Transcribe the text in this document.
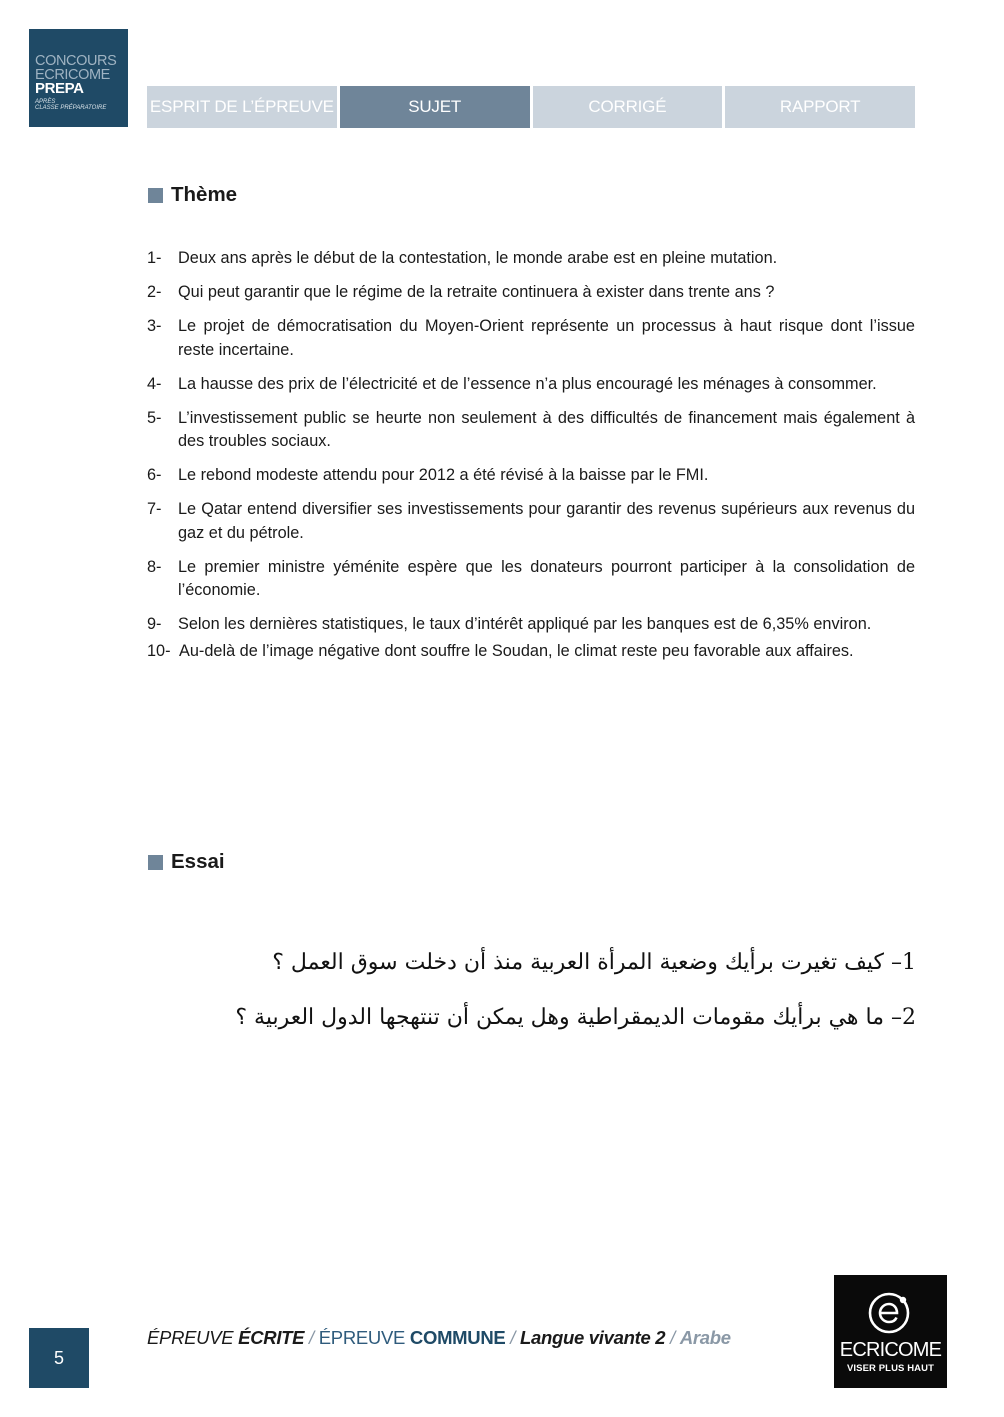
CONCOURS
ECRICOME
PREPA
APRÈS
CLASSE PRÉPARATOIRE	ESPRIT DE L’ÉPREUVE	SUJET	CORRIGÉ	RAPPORT
Thème
1-	Deux ans après le début de la contestation, le monde arabe est en pleine mutation.
2-	Qui peut garantir que le régime de la retraite continuera à exister dans trente ans ?
3-	Le projet de démocratisation du Moyen-Orient représente un processus à haut risque dont l’issue reste incertaine.
4-	La hausse des prix de l’électricité et de l’essence n’a plus encouragé les ménages à consommer.
5-	L’investissement public se heurte non seulement à des difficultés de financement mais également à des troubles sociaux.
6-	Le rebond modeste attendu pour 2012 a été révisé à la baisse par le FMI.
7-	Le Qatar entend diversifier ses investissements pour garantir des revenus supérieurs aux revenus du gaz et du pétrole.
8-	Le premier ministre yéménite espère que les donateurs pourront participer à la consolidation de l’économie.
9-	Selon les dernières statistiques, le taux d’intérêt appliqué par les banques est de 6,35% environ.
10- Au-delà de l’image négative dont souffre le Soudan, le climat reste peu favorable aux affaires.
Essai
1– كيف تغيرت برأيك وضعية المرأة العربية منذ أن دخلت سوق العمل ؟
2– ما هي برأيك مقومات الديمقراطية وهل يمكن أن تنتهجها الدول العربية ؟
5
ÉPREUVE ÉCRITE / ÉPREUVE COMMUNE / Langue vivante 2 / Arabe
ECRICOME
VISER PLUS HAUT
